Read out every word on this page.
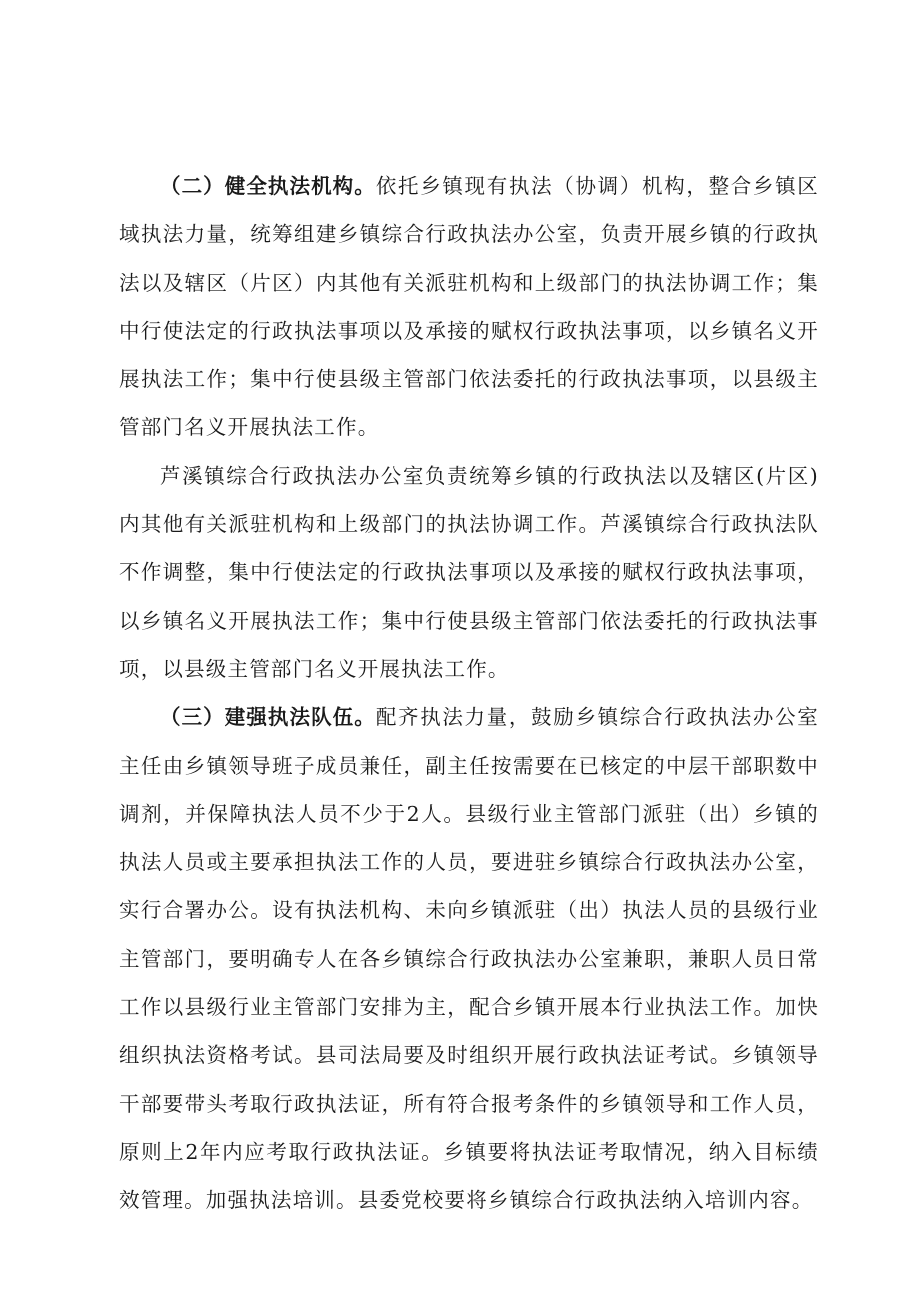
（二）健全执法机构。依托乡镇现有执法（协调）机构，整合乡镇区域执法力量，统筹组建乡镇综合行政执法办公室，负责开展乡镇的行政执法以及辖区（片区）内其他有关派驻机构和上级部门的执法协调工作；集中行使法定的行政执法事项以及承接的赋权行政执法事项，以乡镇名义开展执法工作；集中行使县级主管部门依法委托的行政执法事项，以县级主管部门名义开展执法工作。

芦溪镇综合行政执法办公室负责统筹乡镇的行政执法以及辖区(片区)内其他有关派驻机构和上级部门的执法协调工作。芦溪镇综合行政执法队不作调整，集中行使法定的行政执法事项以及承接的赋权行政执法事项，以乡镇名义开展执法工作；集中行使县级主管部门依法委托的行政执法事项，以县级主管部门名义开展执法工作。

（三）建强执法队伍。配齐执法力量，鼓励乡镇综合行政执法办公室主任由乡镇领导班子成员兼任，副主任按需要在已核定的中层干部职数中调剂，并保障执法人员不少于2人。县级行业主管部门派驻（出）乡镇的执法人员或主要承担执法工作的人员，要进驻乡镇综合行政执法办公室，实行合署办公。设有执法机构、未向乡镇派驻（出）执法人员的县级行业主管部门，要明确专人在各乡镇综合行政执法办公室兼职，兼职人员日常工作以县级行业主管部门安排为主，配合乡镇开展本行业执法工作。加快组织执法资格考试。县司法局要及时组织开展行政执法证考试。乡镇领导干部要带头考取行政执法证，所有符合报考条件的乡镇领导和工作人员，原则上2年内应考取行政执法证。乡镇要将执法证考取情况，纳入目标绩效管理。加强执法培训。县委党校要将乡镇综合行政执法纳入培训内容。
